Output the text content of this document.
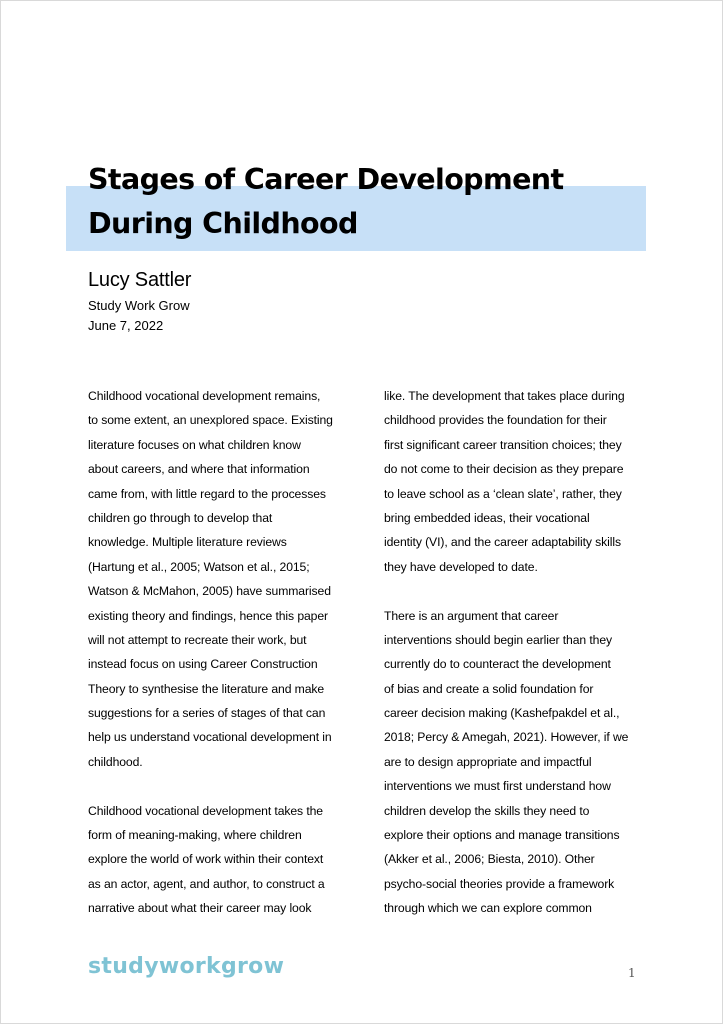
Stages of Career Development
During Childhood
Lucy Sattler
Study Work Grow
June 7, 2022
Childhood vocational development remains,
to some extent, an unexplored space. Existing
literature focuses on what children know
about careers, and where that information
came from, with little regard to the processes
children go through to develop that
knowledge. Multiple literature reviews
(Hartung et al., 2005; Watson et al., 2015;
Watson & McMahon, 2005) have summarised
existing theory and findings, hence this paper
will not attempt to recreate their work, but
instead focus on using Career Construction
Theory to synthesise the literature and make
suggestions for a series of stages of that can
help us understand vocational development in
childhood.
Childhood vocational development takes the
form of meaning-making, where children
explore the world of work within their context
as an actor, agent, and author, to construct a
narrative about what their career may look
like. The development that takes place during
childhood provides the foundation for their
first significant career transition choices; they
do not come to their decision as they prepare
to leave school as a ‘clean slate’, rather, they
bring embedded ideas, their vocational
identity (VI), and the career adaptability skills
they have developed to date.
There is an argument that career
interventions should begin earlier than they
currently do to counteract the development
of bias and create a solid foundation for
career decision making (Kashefpakdel et al.,
2018; Percy & Amegah, 2021). However, if we
are to design appropriate and impactful
interventions we must first understand how
children develop the skills they need to
explore their options and manage transitions
(Akker et al., 2006; Biesta, 2010). Other
psycho-social theories provide a framework
through which we can explore common
studyworkgrow	1
